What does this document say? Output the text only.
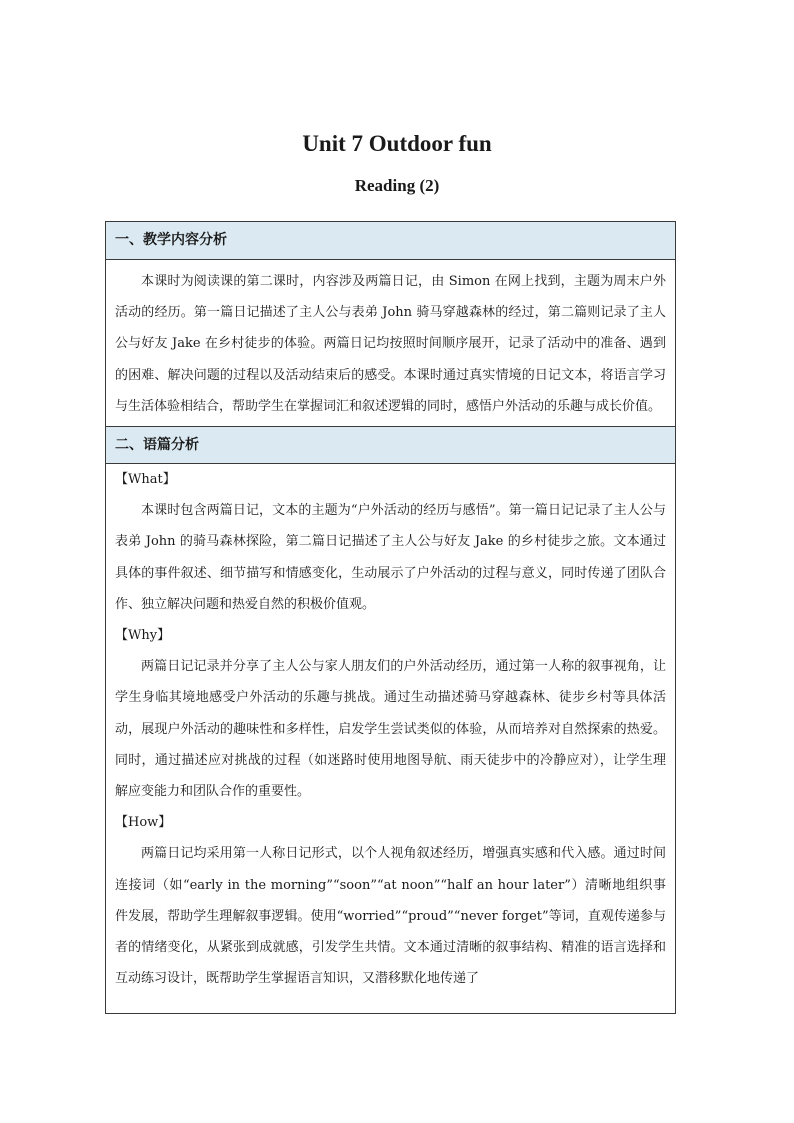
Unit 7 Outdoor fun
Reading (2)
一、教学内容分析

本课时为阅读课的第二课时，内容涉及两篇日记，由 Simon 在网上找到，主题为周末户外活动的经历。第一篇日记描述了主人公与表弟 John 骑马穿越森林的经过，第二篇则记录了主人公与好友 Jake 在乡村徒步的体验。两篇日记均按照时间顺序展开，记录了活动中的准备、遇到的困难、解决问题的过程以及活动结束后的感受。本课时通过真实情境的日记文本，将语言学习与生活体验相结合，帮助学生在掌握词汇和叙述逻辑的同时，感悟户外活动的乐趣与成长价值。

二、语篇分析

【What】

本课时包含两篇日记，文本的主题为“户外活动的经历与感悟”。第一篇日记记录了主人公与表弟 John 的骑马森林探险，第二篇日记描述了主人公与好友 Jake 的乡村徒步之旅。文本通过具体的事件叙述、细节描写和情感变化，生动展示了户外活动的过程与意义，同时传递了团队合作、独立解决问题和热爱自然的积极价值观。

【Why】

两篇日记记录并分享了主人公与家人朋友们的户外活动经历，通过第一人称的叙事视角，让学生身临其境地感受户外活动的乐趣与挑战。通过生动描述骑马穿越森林、徒步乡村等具体活动，展现户外活动的趣味性和多样性，启发学生尝试类似的体验，从而培养对自然探索的热爱。同时，通过描述应对挑战的过程（如迷路时使用地图导航、雨天徒步中的冷静应对），让学生理解应变能力和团队合作的重要性。

【How】

两篇日记均采用第一人称日记形式，以个人视角叙述经历，增强真实感和代入感。通过时间连接词（如“early in the morning”“soon”“at noon”“half an hour later”）清晰地组织事件发展，帮助学生理解叙事逻辑。使用“worried”“proud”“never forget”等词，直观传递参与者的情绪变化，从紧张到成就感，引发学生共情。文本通过清晰的叙事结构、精准的语言选择和互动练习设计，既帮助学生掌握语言知识，又潜移默化地传递了
